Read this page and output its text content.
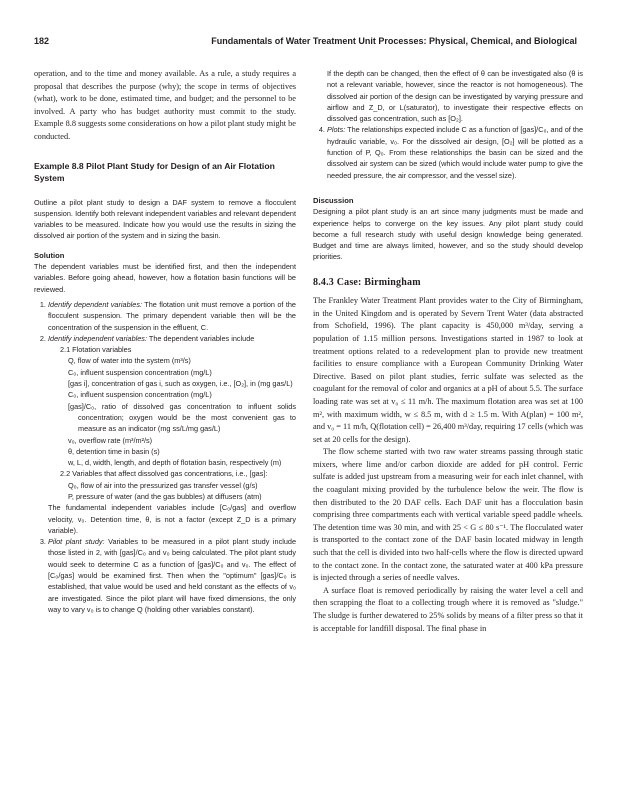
182	Fundamentals of Water Treatment Unit Processes: Physical, Chemical, and Biological

operation, and to the time and money available. As a rule, a study requires a proposal that describes the purpose (why); the scope in terms of objectives (what), work to be done, estimated time, and budget; and the personnel to be involved. A party who has budget authority must commit to the study. Example 8.8 suggests some considerations on how a pilot plant study might be conducted.

Example 8.8 Pilot Plant Study for Design of an Air Flotation System

Outline a pilot plant study to design a DAF system to remove a flocculent suspension. Identify both relevant independent variables and relevant dependent variables to be measured. Indicate how you would use the results in sizing the dissolved air portion of the system and in sizing the basin.

Solution

The dependent variables must be identified first, and then the independent variables. Before going ahead, however, how a flotation basin functions will be reviewed.

1. Identify dependent variables: The flotation unit must remove a portion of the flocculent suspension. The primary dependent variable then will be the concentration of the suspension in the effluent, C.
2. Identify independent variables: The dependent variables include
2.1 Flotation variables
Q, flow of water into the system (m³/s)
C₀, influent suspension concentration (mg/L)
[gas i], concentration of gas i, such as oxygen, i.e., [O₂], in (mg gas/L)
C₀, influent suspension concentration (mg/L)
[gas]/C₀, ratio of dissolved gas concentration to influent solids concentration; oxygen would be the most convenient gas to measure as an indicator (mg ss/L/mg gas/L)
v₀, overflow rate (m³/m²/s)
θ, detention time in basin (s)
w, L, d, width, length, and depth of flotation basin, respectively (m)
2.2 Variables that affect dissolved gas concentrations, i.e., [gas]:
Q₀, flow of air into the pressurized gas transfer vessel (g/s)
P, pressure of water (and the gas bubbles) at diffusers (atm)
The fundamental independent variables include [C₀/gas] and overflow velocity, v₀. Detention time, θ, is not a factor (except Z_D is a primary variable).
3. Pilot plant study: Variables to be measured in a pilot plant study include those listed in 2, with [gas]/C₀ and v₀ being calculated. The pilot plant study would seek to determine C as a function of [gas]/C₀ and v₀. The effect of [C₀/gas] would be examined first. Then when the "optimum" [gas]/C₀ is established, that value would be used and held constant as the effects of v₀ are investigated. Since the pilot plant will have fixed dimensions, the only way to vary v₀ is to change Q (holding other variables constant).

If the depth can be changed, then the effect of θ can be investigated also (θ is not a relevant variable, however, since the reactor is not homogeneous). The dissolved air portion of the design can be investigated by varying pressure and airflow and Z_D, or L(saturator), to investigate their respective effects on dissolved gas concentration, such as [O₂].

4. Plots: The relationships expected include C as a function of [gas]/C₀, and of the hydraulic variable, v₀. For the dissolved air design, [O₂] will be plotted as a function of P, Q₀. From these relationships the basin can be sized and the dissolved air system can be sized (which would include water pump to give the needed pressure, the air compressor, and the vessel size).

Discussion

Designing a pilot plant study is an art since many judgments must be made and experience helps to converge on the key issues. Any pilot plant study could become a full research study with useful design knowledge being generated. Budget and time are always limited, however, and so the study should develop priorities.

8.4.3 Case: Birmingham

The Frankley Water Treatment Plant provides water to the City of Birmingham, in the United Kingdom and is operated by Severn Trent Water (data abstracted from Schofield, 1996). The plant capacity is 450,000 m³/day, serving a population of 1.15 million persons. Investigations started in 1987 to look at treatment options related to a redevelopment plan to provide new treatment facilities to ensure compliance with a European Community Drinking Water Directive. Based on pilot plant studies, ferric sulfate was selected as the coagulant for the removal of color and organics at a pH of about 5.5. The surface loading rate was set at v₀ ≤ 11 m/h. The maximum flotation area was set at 100 m², with maximum width, w ≤ 8.5 m, with d ≥ 1.5 m. With A(plan) = 100 m², and v₀ = 11 m/h, Q(flotation cell) = 26,400 m³/day, requiring 17 cells (which was set at 20 cells for the design).

The flow scheme started with two raw water streams passing through static mixers, where lime and/or carbon dioxide are added for pH control. Ferric sulfate is added just upstream from a measuring weir for each inlet channel, with the coagulant mixing provided by the turbulence below the weir. The flow is then distributed to the 20 DAF cells. Each DAF unit has a flocculation basin comprising three compartments each with vertical variable speed paddle wheels. The detention time was 30 min, and with 25 < G ≤ 80 s⁻¹. The flocculated water is transported to the contact zone of the DAF basin located midway in length such that the cell is divided into two half-cells where the flow is directed upward to the contact zone. In the contact zone, the saturated water at 400 kPa pressure is injected through a series of needle valves.

A surface float is removed periodically by raising the water level a cell and then scrapping the float to a collecting trough where it is removed as "sludge." The sludge is further dewatered to 25% solids by means of a filter press so that it is acceptable for landfill disposal. The final phase in
